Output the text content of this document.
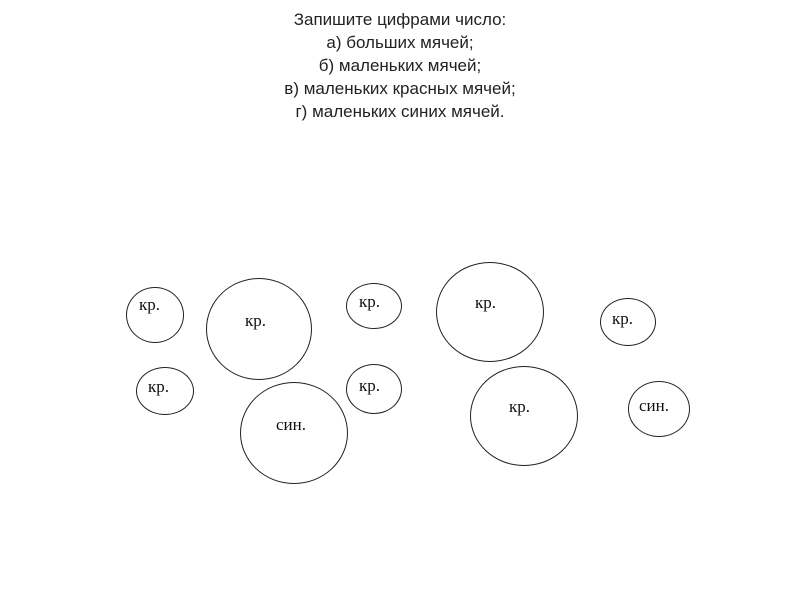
Запишите цифрами число:
а) больших мячей;
б) маленьких мячей;
в) маленьких красных мячей;
г) маленьких синих мячей.
кр.
кр.
кр.	кр.
кр.
кр.
син.
кр.
кр.	син.
